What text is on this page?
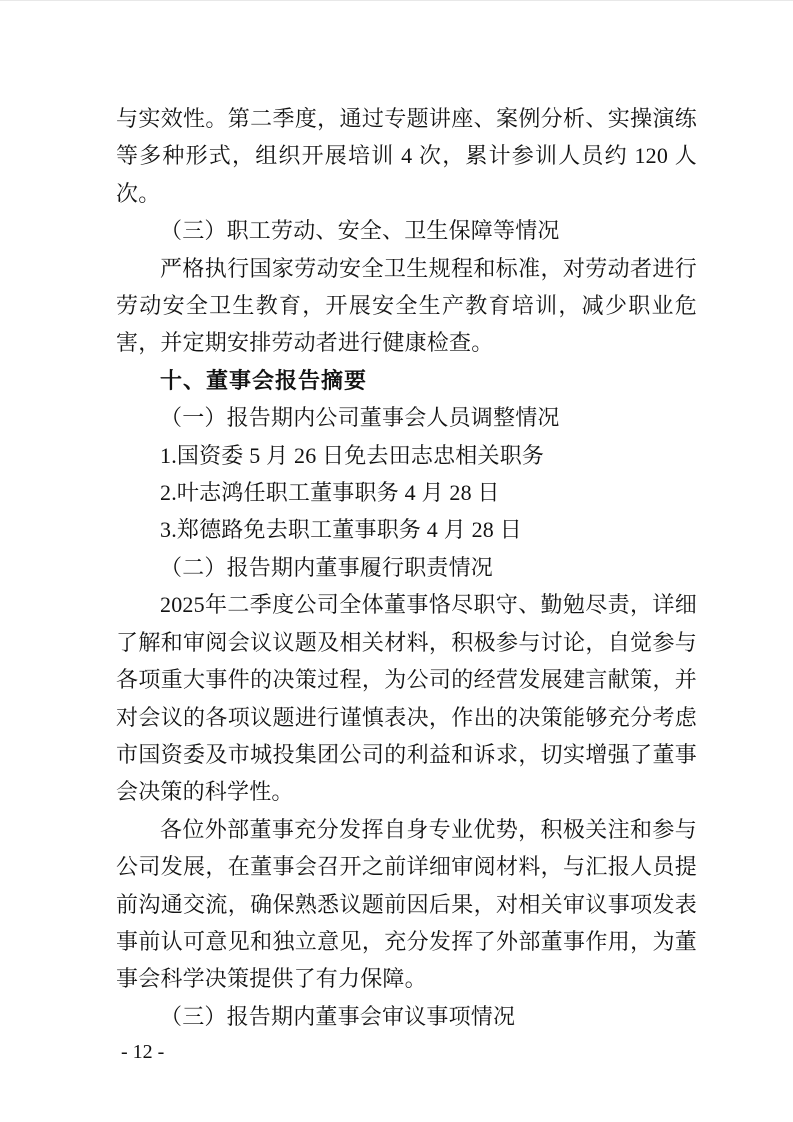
与实效性。第二季度，通过专题讲座、案例分析、实操演练等多种形式，组织开展培训 4 次，累计参训人员约 120 人次。

（三）职工劳动、安全、卫生保障等情况

严格执行国家劳动安全卫生规程和标准，对劳动者进行劳动安全卫生教育，开展安全生产教育培训，减少职业危害，并定期安排劳动者进行健康检查。

十、董事会报告摘要

（一）报告期内公司董事会人员调整情况

1.国资委 5 月 26 日免去田志忠相关职务

2.叶志鸿任职工董事职务 4 月 28 日

3.郑德路免去职工董事职务 4 月 28 日

（二）报告期内董事履行职责情况

2025年二季度公司全体董事恪尽职守、勤勉尽责，详细了解和审阅会议议题及相关材料，积极参与讨论，自觉参与各项重大事件的决策过程，为公司的经营发展建言献策，并对会议的各项议题进行谨慎表决，作出的决策能够充分考虑市国资委及市城投集团公司的利益和诉求，切实增强了董事会决策的科学性。

各位外部董事充分发挥自身专业优势，积极关注和参与公司发展，在董事会召开之前详细审阅材料，与汇报人员提前沟通交流，确保熟悉议题前因后果，对相关审议事项发表事前认可意见和独立意见，充分发挥了外部董事作用，为董事会科学决策提供了有力保障。

（三）报告期内董事会审议事项情况

- 12 -
